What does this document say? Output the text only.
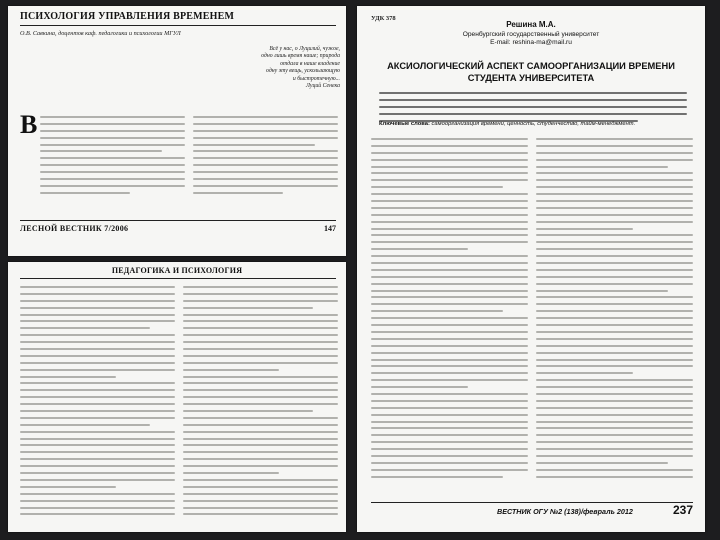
ПСИХОЛОГИЯ УПРАВЛЕНИЯ ВРЕМЕНЕМ
О.В. Савкина, доцентов каф. педагогики и психологии МГУЛ
Всё у нас, о Луцилий, чужое,
одно лишь время наше; природа
отдала в наше владение
одну эту вещь, ускользающую
и быстротечную...
Луций Сенека
В
ЛЕСНОЙ ВЕСТНИК 7/2006	147
ПЕДАГОГИКА И ПСИХОЛОГИЯ
УДК 378
Решина М.А.
Оренбургский государственный университет
E-mail: reshina-ma@mail.ru
АКСИОЛОГИЧЕСКИЙ АСПЕКТ САМООРГАНИЗАЦИИ ВРЕМЕНИ
СТУДЕНТА УНИВЕРСИТЕТА
Ключевые слова: самоорганизация времени, ценность, студенчество, тайм-менеджмент.
ВЕСТНИК ОГУ №2 (138)/февраль 2012	237
